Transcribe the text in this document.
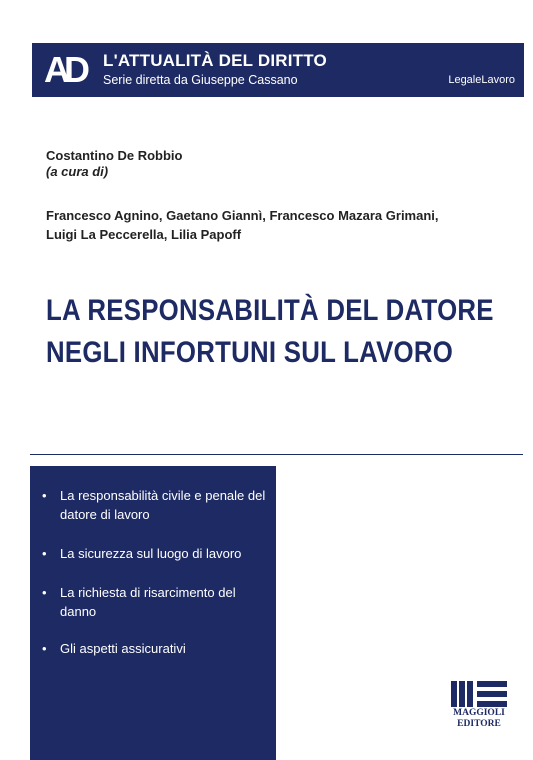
AD L'ATTUALITÀ DEL DIRITTO
Serie diretta da Giuseppe Cassano	LegaleLavoro
Costantino De Robbio
(a cura di)
Francesco Agnino, Gaetano Giannì, Francesco Mazara Grimani,
Luigi La Peccerella, Lilia Papoff
LA RESPONSABILITÀ DEL DATORE
NEGLI INFORTUNI SUL LAVORO
•	La responsabilità civile e penale del datore di lavoro
•	La sicurezza sul luogo di lavoro
•	La richiesta di risarcimento del danno
•	Gli aspetti assicurativi
MAGGIOLI
EDITORE
